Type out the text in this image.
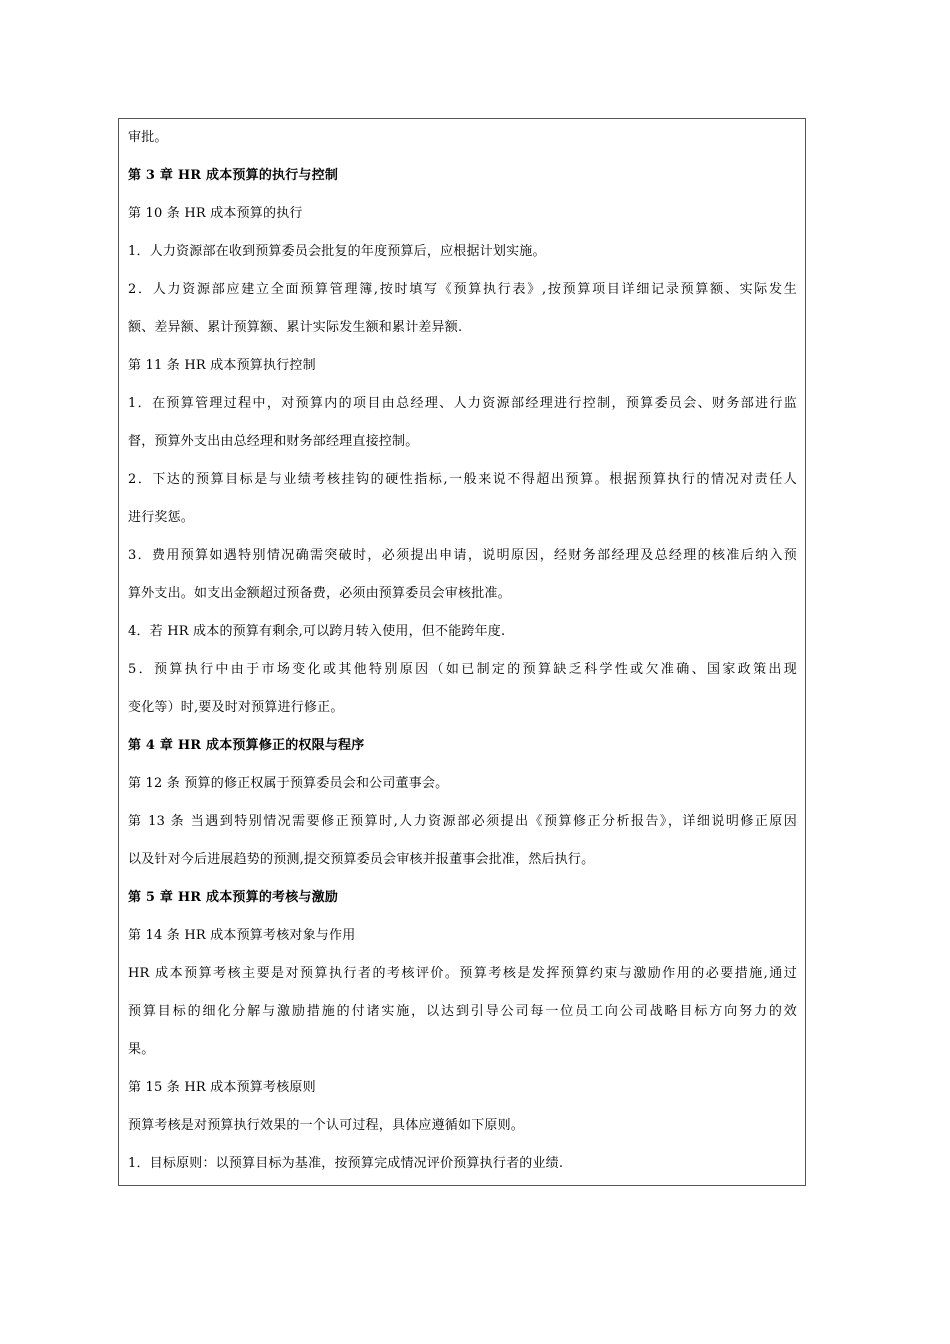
审批。
第 3 章 HR 成本预算的执行与控制
第 10 条 HR 成本预算的执行
1．人力资源部在收到预算委员会批复的年度预算后，应根据计划实施。
2．人力资源部应建立全面预算管理簿,按时填写《预算执行表》,按预算项目详细记录预算额、实际发生
额、差异额、累计预算额、累计实际发生额和累计差异额.
第 11 条 HR 成本预算执行控制
1．在预算管理过程中，对预算内的项目由总经理、人力资源部经理进行控制，预算委员会、财务部进行监
督，预算外支出由总经理和财务部经理直接控制。
2．下达的预算目标是与业绩考核挂钩的硬性指标,一般来说不得超出预算。根据预算执行的情况对责任人
进行奖惩。
3．费用预算如遇特别情况确需突破时，必须提出申请，说明原因，经财务部经理及总经理的核准后纳入预
算外支出。如支出金额超过预备费，必须由预算委员会审核批准。
4．若 HR 成本的预算有剩余,可以跨月转入使用，但不能跨年度.
5．预算执行中由于市场变化或其他特别原因（如已制定的预算缺乏科学性或欠准确、国家政策出现
变化等）时,要及时对预算进行修正。
第 4 章 HR 成本预算修正的权限与程序
第 12 条 预算的修正权属于预算委员会和公司董事会。
第 13 条 当遇到特别情况需要修正预算时,人力资源部必须提出《预算修正分析报告》，详细说明修正原因
以及针对今后进展趋势的预测,提交预算委员会审核并报董事会批准，然后执行。
第 5 章 HR 成本预算的考核与激励
第 14 条 HR 成本预算考核对象与作用
HR 成本预算考核主要是对预算执行者的考核评价。预算考核是发挥预算约束与激励作用的必要措施,通过
预算目标的细化分解与激励措施的付诸实施，以达到引导公司每一位员工向公司战略目标方向努力的效
果。
第 15 条 HR 成本预算考核原则
预算考核是对预算执行效果的一个认可过程，具体应遵循如下原则。
1．目标原则：以预算目标为基准，按预算完成情况评价预算执行者的业绩.
